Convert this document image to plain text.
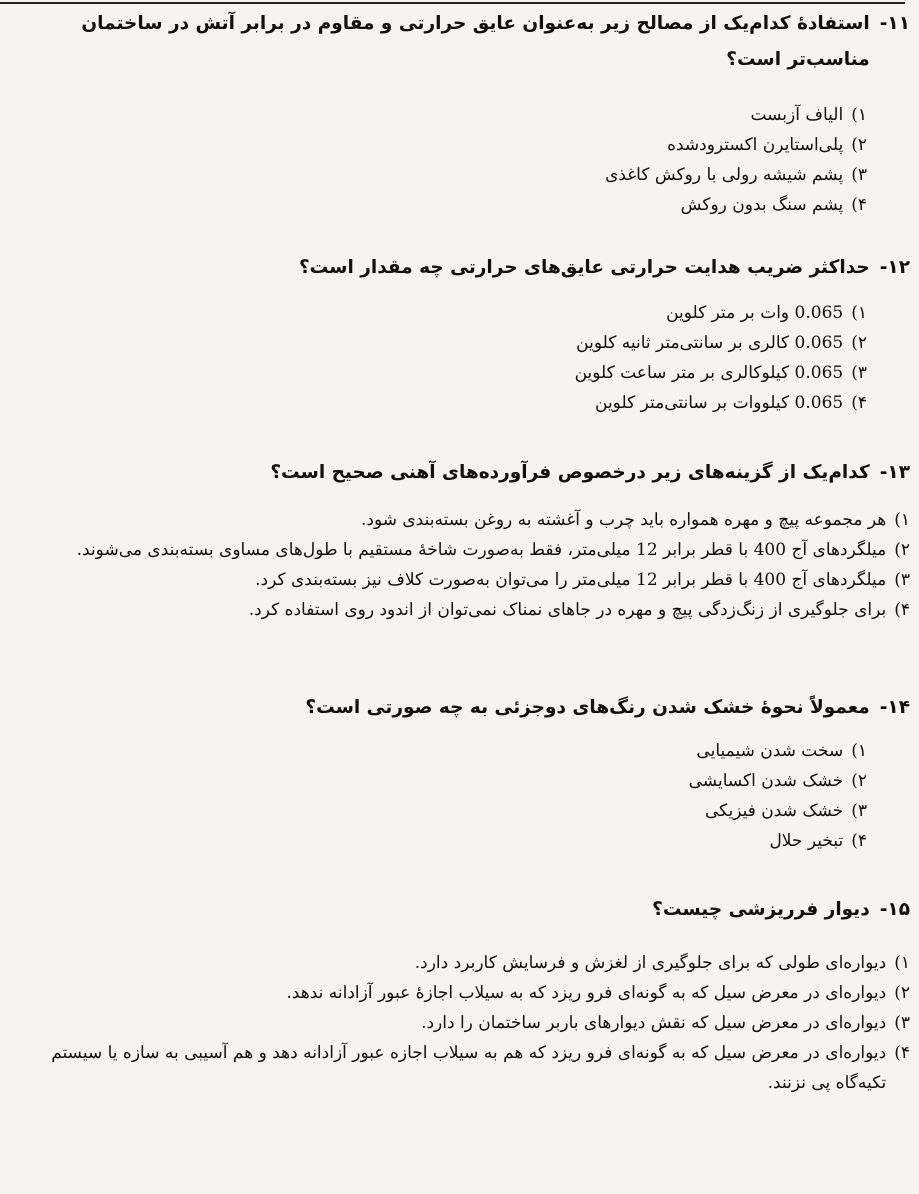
۱۱-
استفادهٔ کدام‌یک از مصالح زیر به‌عنوان عایق حرارتی و مقاوم در برابر آتش در ساختمان مناسب‌تر است؟
۱)
الیاف آزبست
۲)
پلی‌استایرن اکسترودشده
۳)
پشم شیشه رولی با روکش کاغذی
۴)
پشم سنگ بدون روکش
۱۲-
حداکثر ضریب هدایت حرارتی عایق‌های حرارتی چه مقدار است؟
۱)
0.065 وات بر متر کلوین
۲)
0.065 کالری بر سانتی‌متر ثانیه کلوین
۳)
0.065 کیلوکالری بر متر ساعت کلوین
۴)
0.065 کیلووات بر سانتی‌متر کلوین
۱۳-
کدام‌یک از گزینه‌های زیر درخصوص فرآورده‌های آهنی صحیح است؟
۱)
هر مجموعه پیچ و مهره همواره باید چرب و آغشته به روغن بسته‌بندی شود.
۲)
میلگردهای آج 400 با قطر برابر 12 میلی‌متر، فقط به‌صورت شاخهٔ مستقیم با طول‌های مساوی بسته‌بندی می‌شوند.
۳)
میلگردهای آج 400 با قطر برابر 12 میلی‌متر را می‌توان به‌صورت کلاف نیز بسته‌بندی کرد.
۴)
برای جلوگیری از زنگ‌زدگی پیچ و مهره در جاهای نمناک نمی‌توان از اندود روی استفاده کرد.
۱۴-
معمولاً نحوهٔ خشک شدن رنگ‌های دوجزئی به چه صورتی است؟
۱)
سخت شدن شیمیایی
۲)
خشک شدن اکسایشی
۳)
خشک شدن فیزیکی
۴)
تبخیر حلال
۱۵-
دیوار فرریزشی چیست؟
۱)
دیواره‌ای طولی که برای جلوگیری از لغزش و فرسایش کاربرد دارد.
۲)
دیواره‌ای در معرض سیل که به گونه‌ای فرو ریزد که به سیلاب اجازهٔ عبور آزادانه ندهد.
۳)
دیواره‌ای در معرض سیل که نقش دیوارهای باربر ساختمان را دارد.
۴)
دیواره‌ای در معرض سیل که به گونه‌ای فرو ریزد که هم به سیلاب اجازه عبور آزادانه دهد و هم آسیبی به سازه یا سیستم تکیه‌گاه پی نزنند.
